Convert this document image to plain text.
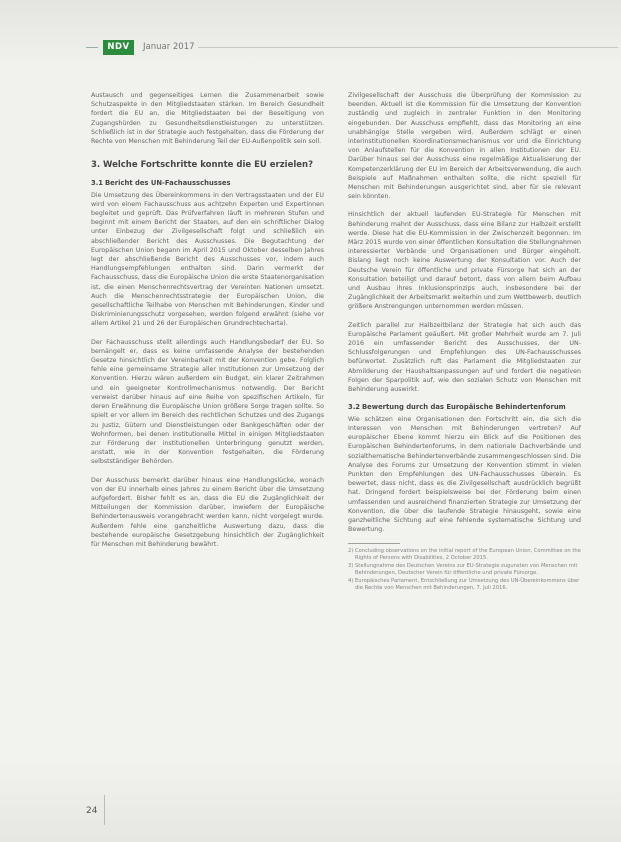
NDV	Januar 2017

Austausch und gegenseitiges Lernen die Zusammenarbeit sowie Schutzaspekte in den Mitgliedstaaten stärken. Im Bereich Gesundheit fordert die EU an, die Mitgliedstaaten bei der Beseitigung von Zugangshürden zu Gesundheitsdienstleistungen zu unterstützen. Schließlich ist in der Strategie auch festgehalten, dass die Förderung der Rechte von Menschen mit Behinderung Teil der EU-Außenpolitik sein soll.

3. Welche Fortschritte konnte die EU erzielen?
3.1 Bericht des UN-Fachausschusses

Die Umsetzung des Übereinkommens in den Vertragsstaaten und der EU wird von einem Fachausschuss aus achtzehn Experten und Expertinnen begleitet und geprüft. Das Prüfverfahren läuft in mehreren Stufen und beginnt mit einem Bericht der Staaten, auf den ein schriftlicher Dialog unter Einbezug der Zivilgesellschaft folgt und schließlich ein abschließender Bericht des Ausschusses. Die Begutachtung der Europäischen Union begann im April 2015 und Oktober desselben Jahres legt der abschließende Bericht des Ausschusses vor, indem auch Handlungsempfehlungen enthalten sind. Darin vermerkt der Fachausschuss, dass die Europäische Union die erste Staatenorganisation ist, die einen Menschenrechtsvertrag der Vereinten Nationen umsetzt. Auch die Menschenrechtsstrategie der Europäischen Union, die gesellschaftliche Teilhabe von Menschen mit Behinderungen, Kinder und Diskriminierungsschutz vorgesehen, werden folgend erwähnt (siehe vor allem Artikel 21 und 26 der Europäischen Grundrechtecharta).

Der Fachausschuss stellt allerdings auch Handlungsbedarf der EU. So bemängelt er, dass es keine umfassende Analyse der bestehenden Gesetze hinsichtlich der Vereinbarkeit mit der Konvention gebe. Folglich fehle eine gemeinsame Strategie aller Institutionen zur Umsetzung der Konvention. Hierzu wären außerdem ein Budget, ein klarer Zeitrahmen und ein geeigneter Kontrollmechanismus notwendig. Der Bericht verweist darüber hinaus auf eine Reihe von spezifischen Artikeln, für deren Erwähnung die Europäische Union größere Sorge tragen sollte. So spielt er vor allem im Bereich des rechtlichen Schutzes und des Zugangs zu Justiz, Gütern und Dienstleistungen oder Bankgeschäften oder der Wohnformen, bei denen institutionelle Mittel in einigen Mitgliedstaaten zur Förderung der institutionellen Unterbringung genutzt werden, anstatt, wie in der Konvention festgehalten, die Förderung selbstständiger Behörden.

Der Ausschuss bemerkt darüber hinaus eine Handlungslücke, wonach von der EU innerhalb eines Jahres zu einem Bericht über die Umsetzung aufgefordert. Bisher fehlt es an, dass die EU die Zugänglichkeit der Mitteilungen der Kommission darüber, inwiefern der Europäische Behindertenausweis vorangebracht werden kann, nicht vorgelegt wurde. Außerdem fehle eine ganzheitliche Auswertung dazu, dass die bestehende europäische Gesetzgebung hinsichtlich der Zugänglichkeit für Menschen mit Behinderung bewährt.

Zivilgesellschaft der Ausschuss die Überprüfung der Kommission zu beenden. Aktuell ist die Kommission für die Umsetzung der Konvention zuständig und zugleich in zentraler Funktion in den Monitoring eingebunden. Der Ausschuss empfiehlt, dass das Monitoring an eine unabhängige Stelle vergeben wird. Außerdem schlägt er einen interinstitutionellen Koordinationsmechanismus vor und die Einrichtung von Anlaufstellen für die Konvention in allen Institutionen der EU. Darüber hinaus sei der Ausschuss eine regelmäßige Aktualisierung der Kompetenzerklärung der EU im Bereich der Arbeitsverwendung, die auch Beispiele auf Maßnahmen enthalten sollte, die nicht speziell für Menschen mit Behinderungen ausgerichtet sind, aber für sie relevant sein könnten.

Hinsichtlich der aktuell laufenden EU-Strategie für Menschen mit Behinderung mahnt der Ausschuss, dass eine Bilanz zur Halbzeit erstellt werde. Diese hat die EU-Kommission in der Zwischenzeit begonnen. Im März 2015 wurde von einer öffentlichen Konsultation die Stellungnahmen interessierter Verbände und Organisationen und Bürger eingeholt. Bislang liegt noch keine Auswertung der Konsultation vor. Auch der Deutsche Verein für öffentliche und private Fürsorge hat sich an der Konsultation beteiligt und darauf betont, dass von allem beim Aufbau und Ausbau ihres Inklusionsprinzips auch, insbesondere bei der Zugänglichkeit der Arbeitsmarkt weiterhin und zum Wettbewerb, deutlich größere Anstrengungen unternommen werden müssen.

Zeitlich parallel zur Halbzeitbilanz der Strategie hat sich auch das Europäische Parlament geäußert. Mit großer Mehrheit wurde am 7. Juli 2016 ein umfassender Bericht des Ausschusses, der UN-Schlussfolgerungen und Empfehlungen des UN-Fachausschusses befürwortet. Zusätzlich ruft das Parlament die Mitgliedstaaten zur Abmilderung der Haushaltsanpassungen auf und fordert die negativen Folgen der Sparpolitik auf, wie den sozialen Schutz von Menschen mit Behinderung auswirkt.

3.2 Bewertung durch das Europäische Behindertenforum

Wie schätzen eine Organisationen den Fortschritt ein, die sich die Interessen von Menschen mit Behinderungen vertreten? Auf europäischer Ebene kommt hierzu ein Blick auf die Positionen des Europäischen Behindertenforums, in dem nationale Dachverbände und sozialthematische Behindertenverbände zusammengeschlossen sind. Die Analyse des Forums zur Umsetzung der Konvention stimmt in vielen Punkten den Empfehlungen des UN-Fachausschusses überein. Es bewertet, dass nicht, dass es die Zivilgesellschaft ausdrücklich begrüßt hat. Dringend fordert beispielsweise bei der Förderung beim einen umfassenden und ausreichend finanzierten Strategie zur Umsetzung der Konvention, die über die laufende Strategie hinausgeht, sowie eine ganzheitliche Sichtung auf eine fehlende systematische Sichtung und Bewertung.

2) Concluding observations on the initial report of the European Union, Committee on the Rights of Persons with Disabilities, 2 October 2015.
3) Stellungnahme des Deutschen Vereins zur EU-Strategie zugunsten von Menschen mit Behinderungen, Deutscher Verein für öffentliche und private Fürsorge.
4) Europäisches Parlament, Entschließung zur Umsetzung des UN-Übereinkommens über die Rechte von Menschen mit Behinderungen, 7. Juli 2016.
24
